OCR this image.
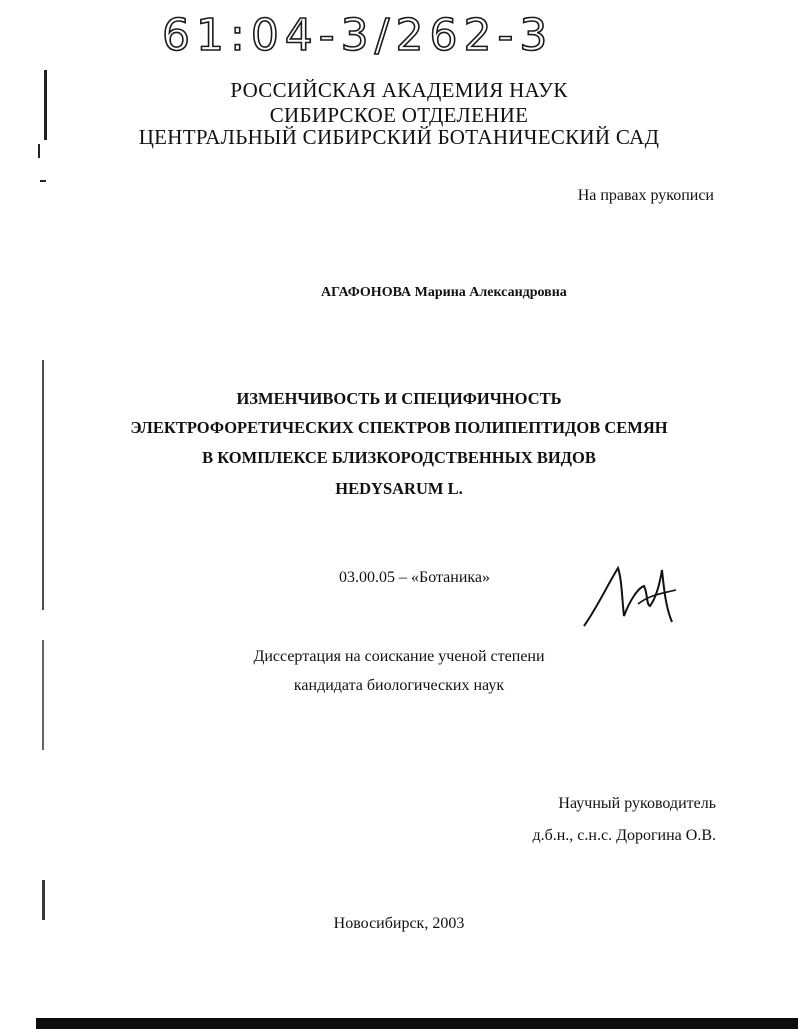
61:04-3/262-3
РОССИЙСКАЯ АКАДЕМИЯ НАУК
СИБИРСКОЕ ОТДЕЛЕНИЕ
ЦЕНТРАЛЬНЫЙ СИБИРСКИЙ БОТАНИЧЕСКИЙ САД
На правах рукописи
АГАФОНОВА Марина Александровна
ИЗМЕНЧИВОСТЬ И СПЕЦИФИЧНОСТЬ
ЭЛЕКТРОФОРЕТИЧЕСКИХ СПЕКТРОВ ПОЛИПЕПТИДОВ СЕМЯН
В КОМПЛЕКСЕ БЛИЗКОРОДСТВЕННЫХ ВИДОВ
HEDYSARUM L.
03.00.05 – «Ботаника»
Диссертация на соискание ученой степени
кандидата биологических наук
Научный руководитель
д.б.н., с.н.с. Дорогина О.В.
Новосибирск, 2003
